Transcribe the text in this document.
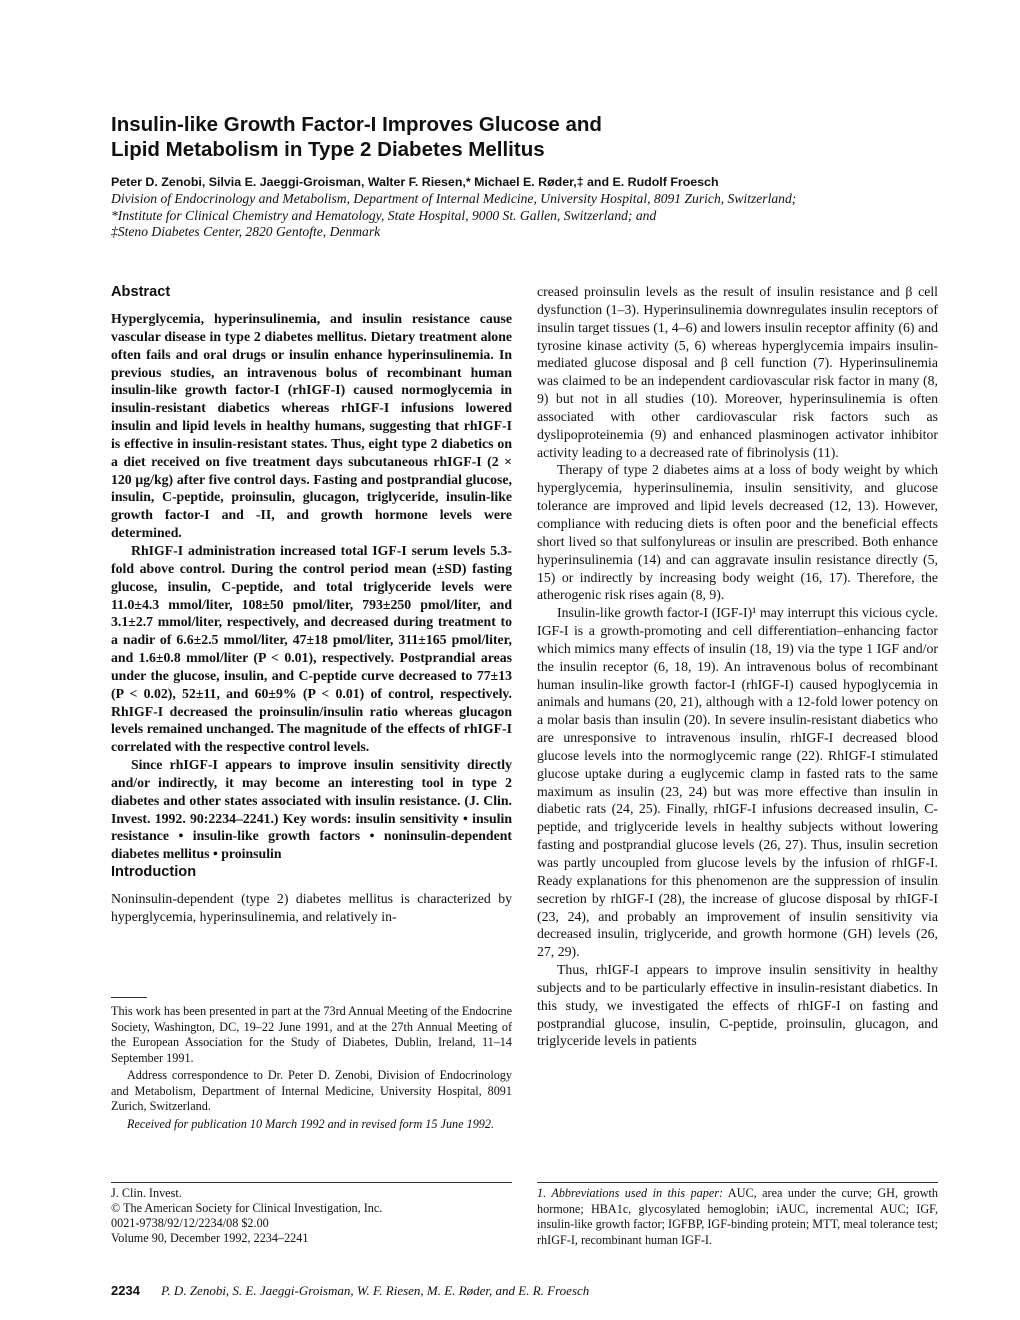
Insulin-like Growth Factor-I Improves Glucose and
Lipid Metabolism in Type 2 Diabetes Mellitus

Peter D. Zenobi, Silvia E. Jaeggi-Groisman, Walter F. Riesen,* Michael E. Røder,‡ and E. Rudolf Froesch

Division of Endocrinology and Metabolism, Department of Internal Medicine, University Hospital, 8091 Zurich, Switzerland;

*Institute for Clinical Chemistry and Hematology, State Hospital, 9000 St. Gallen, Switzerland; and

‡Steno Diabetes Center, 2820 Gentofte, Denmark

Abstract

Hyperglycemia, hyperinsulinemia, and insulin resistance cause vascular disease in type 2 diabetes mellitus. Dietary treatment alone often fails and oral drugs or insulin enhance hyperinsulinemia. In previous studies, an intravenous bolus of recombinant human insulin-like growth factor-I (rhIGF-I) caused normoglycemia in insulin-resistant diabetics whereas rhIGF-I infusions lowered insulin and lipid levels in healthy humans, suggesting that rhIGF-I is effective in insulin-resistant states. Thus, eight type 2 diabetics on a diet received on five treatment days subcutaneous rhIGF-I (2 × 120 μg/kg) after five control days. Fasting and postprandial glucose, insulin, C-peptide, proinsulin, glucagon, triglyceride, insulin-like growth factor-I and -II, and growth hormone levels were determined.

RhIGF-I administration increased total IGF-I serum levels 5.3-fold above control. During the control period mean (±SD) fasting glucose, insulin, C-peptide, and total triglyceride levels were 11.0±4.3 mmol/liter, 108±50 pmol/liter, 793±250 pmol/liter, and 3.1±2.7 mmol/liter, respectively, and decreased during treatment to a nadir of 6.6±2.5 mmol/liter, 47±18 pmol/liter, 311±165 pmol/liter, and 1.6±0.8 mmol/liter (P < 0.01), respectively. Postprandial areas under the glucose, insulin, and C-peptide curve decreased to 77±13 (P < 0.02), 52±11, and 60±9% (P < 0.01) of control, respectively. RhIGF-I decreased the proinsulin/insulin ratio whereas glucagon levels remained unchanged. The magnitude of the effects of rhIGF-I correlated with the respective control levels.

Since rhIGF-I appears to improve insulin sensitivity directly and/or indirectly, it may become an interesting tool in type 2 diabetes and other states associated with insulin resistance. (J. Clin. Invest. 1992. 90:2234–2241.) Key words: insulin sensitivity • insulin resistance • insulin-like growth factors • noninsulin-dependent diabetes mellitus • proinsulin

Introduction

Noninsulin-dependent (type 2) diabetes mellitus is characterized by hyperglycemia, hyperinsulinemia, and relatively in-

This work has been presented in part at the 73rd Annual Meeting of the Endocrine Society, Washington, DC, 19–22 June 1991, and at the 27th Annual Meeting of the European Association for the Study of Diabetes, Dublin, Ireland, 11–14 September 1991.

Address correspondence to Dr. Peter D. Zenobi, Division of Endocrinology and Metabolism, Department of Internal Medicine, University Hospital, 8091 Zurich, Switzerland.

Received for publication 10 March 1992 and in revised form 15 June 1992.

J. Clin. Invest.

© The American Society for Clinical Investigation, Inc.

0021-9738/92/12/2234/08 $2.00

Volume 90, December 1992, 2234–2241

creased proinsulin levels as the result of insulin resistance and β cell dysfunction (1–3). Hyperinsulinemia downregulates insulin receptors of insulin target tissues (1, 4–6) and lowers insulin receptor affinity (6) and tyrosine kinase activity (5, 6) whereas hyperglycemia impairs insulin-mediated glucose disposal and β cell function (7). Hyperinsulinemia was claimed to be an independent cardiovascular risk factor in many (8, 9) but not in all studies (10). Moreover, hyperinsulinemia is often associated with other cardiovascular risk factors such as dyslipoproteinemia (9) and enhanced plasminogen activator inhibitor activity leading to a decreased rate of fibrinolysis (11).

Therapy of type 2 diabetes aims at a loss of body weight by which hyperglycemia, hyperinsulinemia, insulin sensitivity, and glucose tolerance are improved and lipid levels decreased (12, 13). However, compliance with reducing diets is often poor and the beneficial effects short lived so that sulfonylureas or insulin are prescribed. Both enhance hyperinsulinemia (14) and can aggravate insulin resistance directly (5, 15) or indirectly by increasing body weight (16, 17). Therefore, the atherogenic risk rises again (8, 9).

Insulin-like growth factor-I (IGF-I)¹ may interrupt this vicious cycle. IGF-I is a growth-promoting and cell differentiation–enhancing factor which mimics many effects of insulin (18, 19) via the type 1 IGF and/or the insulin receptor (6, 18, 19). An intravenous bolus of recombinant human insulin-like growth factor-I (rhIGF-I) caused hypoglycemia in animals and humans (20, 21), although with a 12-fold lower potency on a molar basis than insulin (20). In severe insulin-resistant diabetics who are unresponsive to intravenous insulin, rhIGF-I decreased blood glucose levels into the normoglycemic range (22). RhIGF-I stimulated glucose uptake during a euglycemic clamp in fasted rats to the same maximum as insulin (23, 24) but was more effective than insulin in diabetic rats (24, 25). Finally, rhIGF-I infusions decreased insulin, C-peptide, and triglyceride levels in healthy subjects without lowering fasting and postprandial glucose levels (26, 27). Thus, insulin secretion was partly uncoupled from glucose levels by the infusion of rhIGF-I. Ready explanations for this phenomenon are the suppression of insulin secretion by rhIGF-I (28), the increase of glucose disposal by rhIGF-I (23, 24), and probably an improvement of insulin sensitivity via decreased insulin, triglyceride, and growth hormone (GH) levels (26, 27, 29).

Thus, rhIGF-I appears to improve insulin sensitivity in healthy subjects and to be particularly effective in insulin-resistant diabetics. In this study, we investigated the effects of rhIGF-I on fasting and postprandial glucose, insulin, C-peptide, proinsulin, glucagon, and triglyceride levels in patients

1. Abbreviations used in this paper: AUC, area under the curve; GH, growth hormone; HBA1c, glycosylated hemoglobin; iAUC, incremental AUC; IGF, insulin-like growth factor; IGFBP, IGF-binding protein; MTT, meal tolerance test; rhIGF-I, recombinant human IGF-I.

2234 P. D. Zenobi, S. E. Jaeggi-Groisman, W. F. Riesen, M. E. Røder, and E. R. Froesch
